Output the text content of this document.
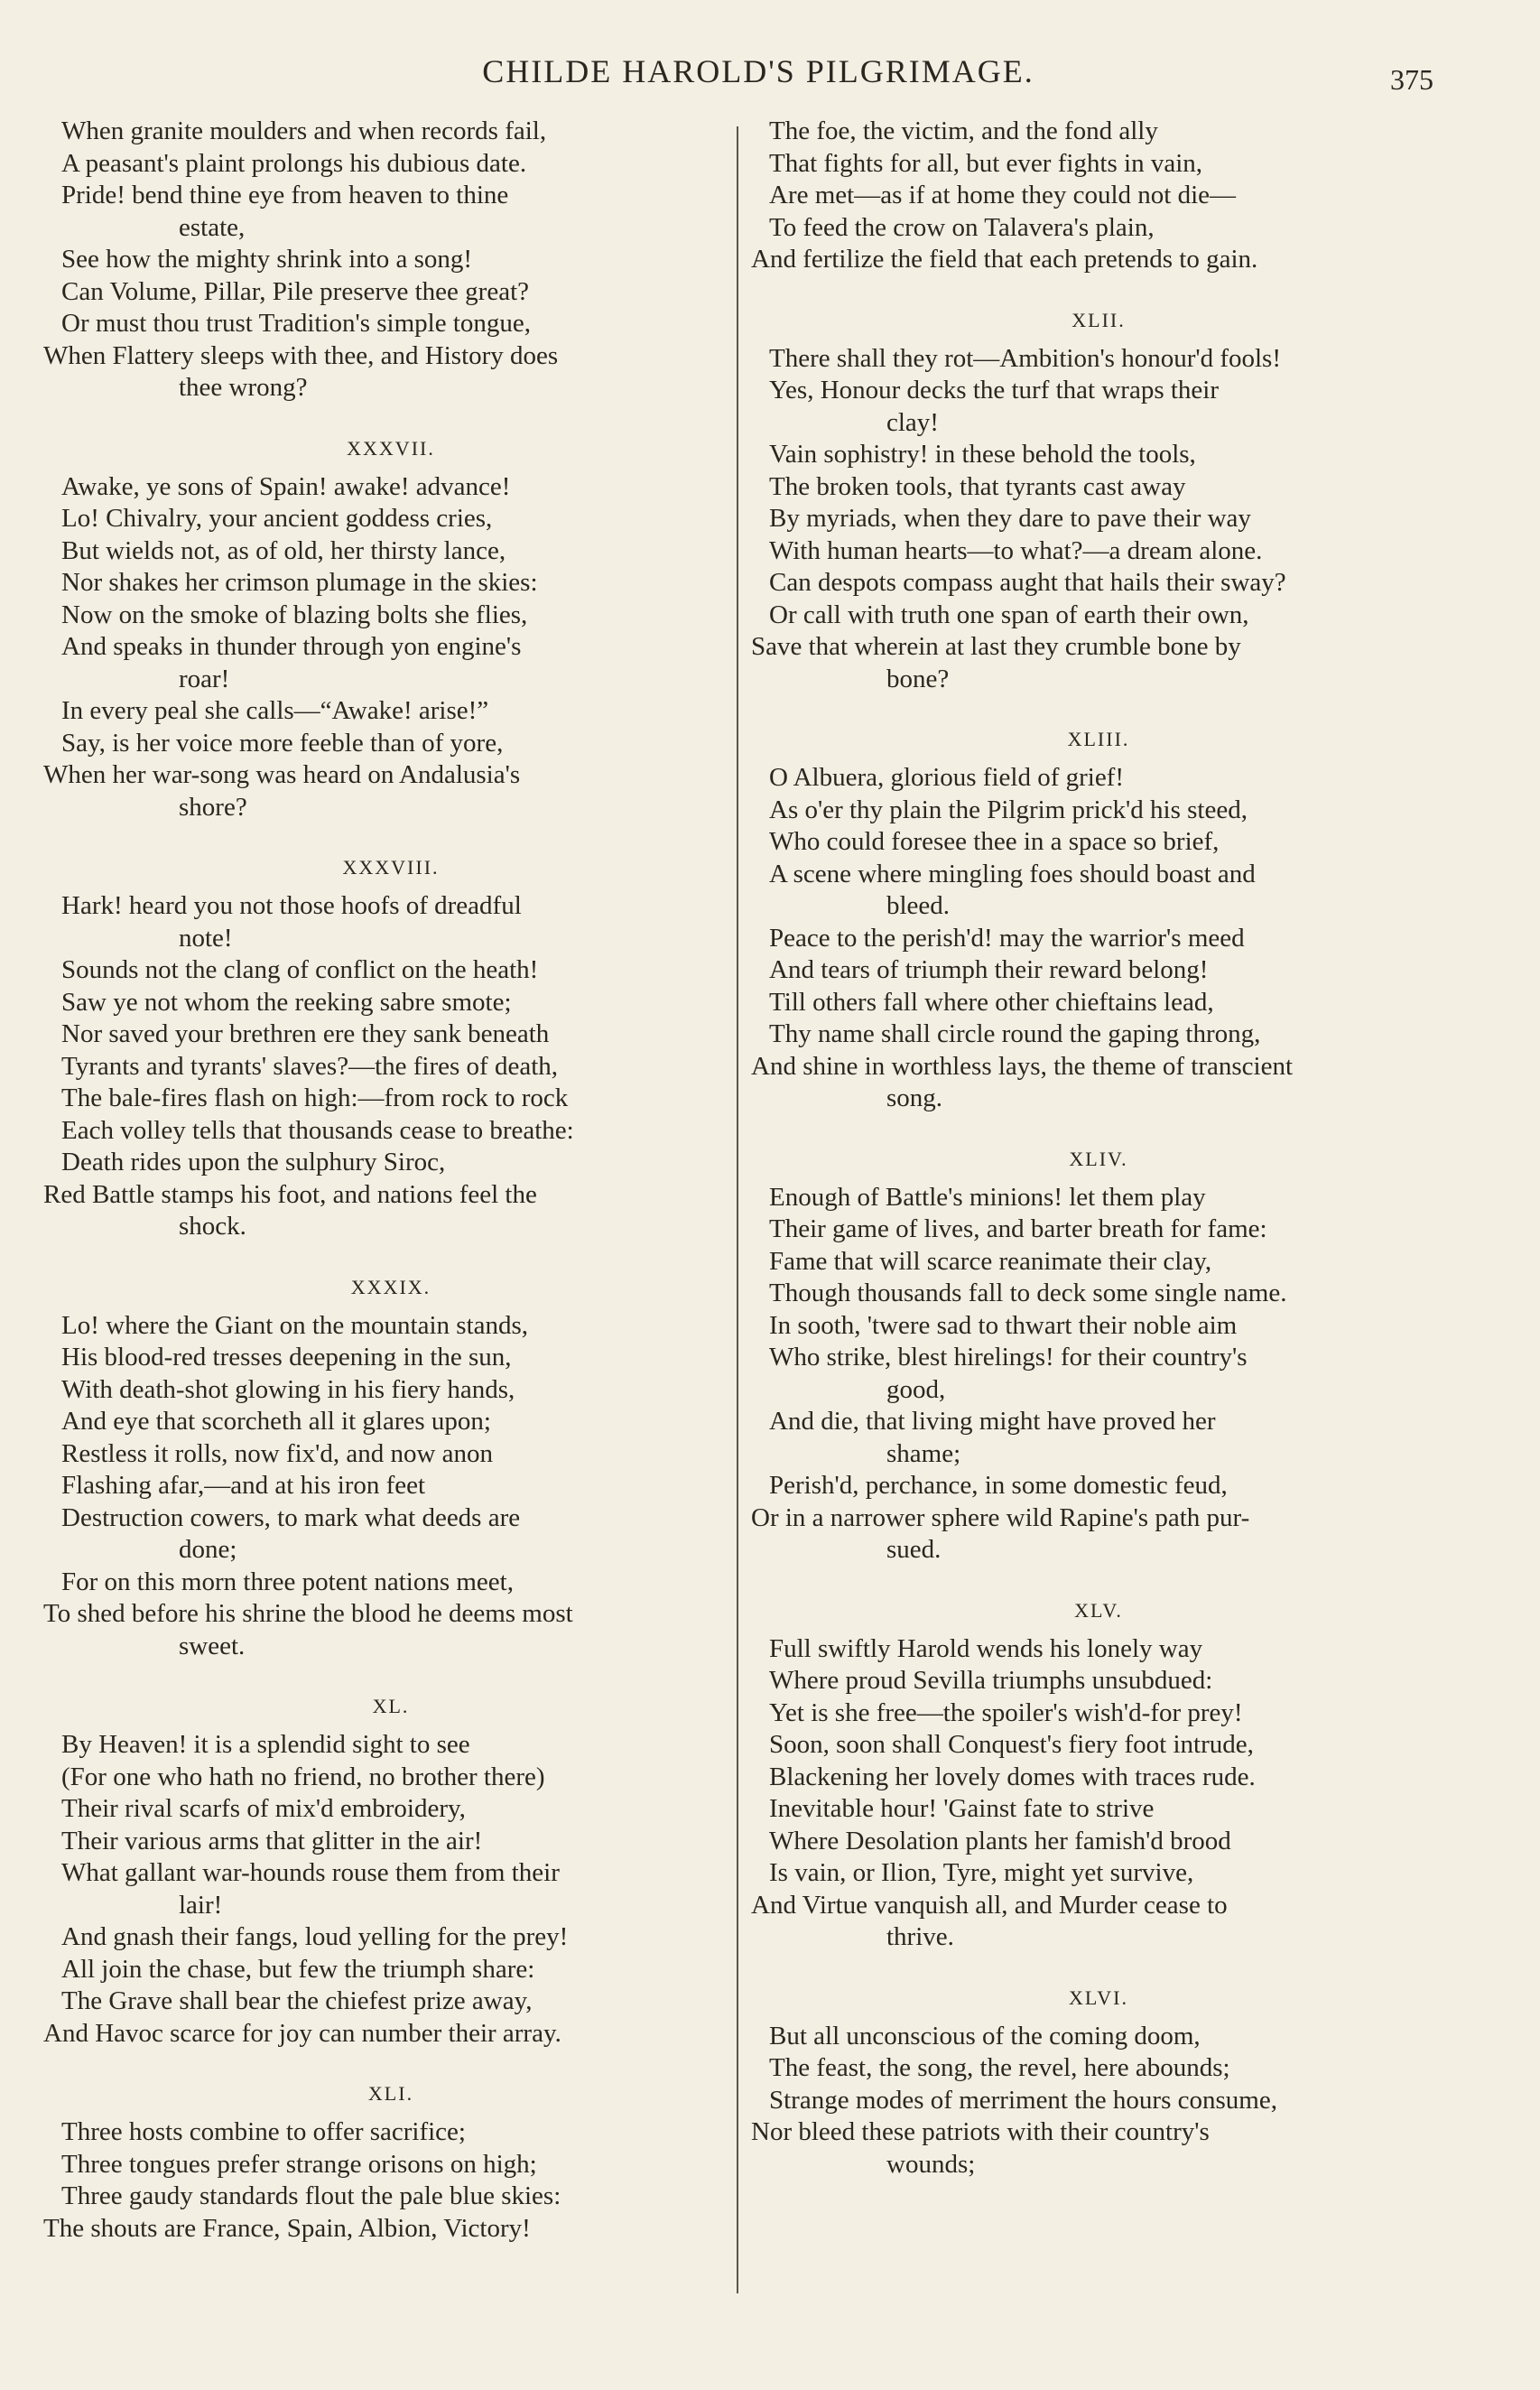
CHILDE HAROLD'S PILGRIMAGE.	375
When granite moulders and when records fail,
A peasant's plaint prolongs his dubious date.
Pride! bend thine eye from heaven to thine
estate,
See how the mighty shrink into a song!
Can Volume, Pillar, Pile preserve thee great?
Or must thou trust Tradition's simple tongue,
When Flattery sleeps with thee, and History does
thee wrong?
XXXVII.
Awake, ye sons of Spain! awake! advance!
Lo! Chivalry, your ancient goddess cries,
But wields not, as of old, her thirsty lance,
Nor shakes her crimson plumage in the skies:
Now on the smoke of blazing bolts she flies,
And speaks in thunder through yon engine's
roar!
In every peal she calls—“Awake! arise!”
Say, is her voice more feeble than of yore,
When her war-song was heard on Andalusia's
shore?
XXXVIII.
Hark! heard you not those hoofs of dreadful
note!
Sounds not the clang of conflict on the heath!
Saw ye not whom the reeking sabre smote;
Nor saved your brethren ere they sank beneath
Tyrants and tyrants' slaves?—the fires of death,
The bale-fires flash on high:—from rock to rock
Each volley tells that thousands cease to breathe:
Death rides upon the sulphury Siroc,
Red Battle stamps his foot, and nations feel the
shock.
XXXIX.
Lo! where the Giant on the mountain stands,
His blood-red tresses deepening in the sun,
With death-shot glowing in his fiery hands,
And eye that scorcheth all it glares upon;
Restless it rolls, now fix'd, and now anon
Flashing afar,—and at his iron feet
Destruction cowers, to mark what deeds are
done;
For on this morn three potent nations meet,
To shed before his shrine the blood he deems most
sweet.
XL.
By Heaven! it is a splendid sight to see
(For one who hath no friend, no brother there)
Their rival scarfs of mix'd embroidery,
Their various arms that glitter in the air!
What gallant war-hounds rouse them from their
lair!
And gnash their fangs, loud yelling for the prey!
All join the chase, but few the triumph share:
The Grave shall bear the chiefest prize away,
And Havoc scarce for joy can number their array.
XLI.
Three hosts combine to offer sacrifice;
Three tongues prefer strange orisons on high;
Three gaudy standards flout the pale blue skies:
The shouts are France, Spain, Albion, Victory!
The foe, the victim, and the fond ally
That fights for all, but ever fights in vain,
Are met—as if at home they could not die—
To feed the crow on Talavera's plain,
And fertilize the field that each pretends to gain.
XLII.
There shall they rot—Ambition's honour'd fools!
Yes, Honour decks the turf that wraps their
clay!
Vain sophistry! in these behold the tools,
The broken tools, that tyrants cast away
By myriads, when they dare to pave their way
With human hearts—to what?—a dream alone.
Can despots compass aught that hails their sway?
Or call with truth one span of earth their own,
Save that wherein at last they crumble bone by
bone?
XLIII.
O Albuera, glorious field of grief!
As o'er thy plain the Pilgrim prick'd his steed,
Who could foresee thee in a space so brief,
A scene where mingling foes should boast and
bleed.
Peace to the perish'd! may the warrior's meed
And tears of triumph their reward belong!
Till others fall where other chieftains lead,
Thy name shall circle round the gaping throng,
And shine in worthless lays, the theme of transcient
song.
XLIV.
Enough of Battle's minions! let them play
Their game of lives, and barter breath for fame:
Fame that will scarce reanimate their clay,
Though thousands fall to deck some single name.
In sooth, 'twere sad to thwart their noble aim
Who strike, blest hirelings! for their country's
good,
And die, that living might have proved her
shame;
Perish'd, perchance, in some domestic feud,
Or in a narrower sphere wild Rapine's path pur-
sued.
XLV.
Full swiftly Harold wends his lonely way
Where proud Sevilla triumphs unsubdued:
Yet is she free—the spoiler's wish'd-for prey!
Soon, soon shall Conquest's fiery foot intrude,
Blackening her lovely domes with traces rude.
Inevitable hour! 'Gainst fate to strive
Where Desolation plants her famish'd brood
Is vain, or Ilion, Tyre, might yet survive,
And Virtue vanquish all, and Murder cease to
thrive.
XLVI.
But all unconscious of the coming doom,
The feast, the song, the revel, here abounds;
Strange modes of merriment the hours consume,
Nor bleed these patriots with their country's
wounds;
